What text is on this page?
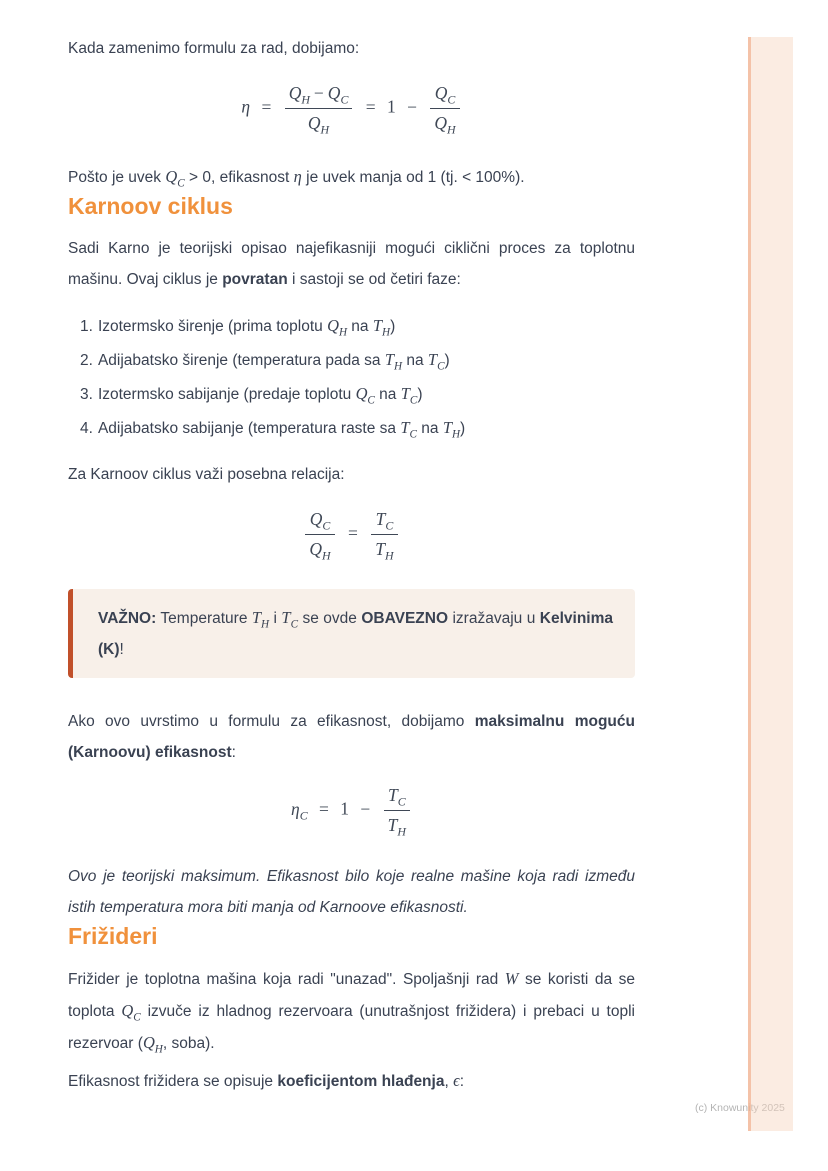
Kada zamenimo formulu za rad, dobijamo:

$\eta = \frac{Q_H - Q_C}{Q_H} = 1 - \frac{Q_C}{Q_H}$

Pošto je uvek $Q_C > 0$, efikasnost η je uvek manja od 1 (tj. < 100%).

Karnoov ciklus

Sadi Karno je teorijski opisao najefikasniji mogući ciklični proces za toplotnu mašinu. Ovaj ciklus je povratan i sastoji se od četiri faze:

1. Izotermsko širenje (prima toplotu $Q_H$ na $T_H$)
2. Adijabatsko širenje (temperatura pada sa $T_H$ na $T_C$)
3. Izotermsko sabijanje (predaje toplotu $Q_C$ na $T_C$)
4. Adijabatsko sabijanje (temperatura raste sa $T_C$ na $T_H$)

Za Karnoov ciklus važi posebna relacija:

$\frac{Q_C}{Q_H} = \frac{T_C}{T_H}$

VAŽNO: Temperature $T_H$ i $T_C$ se ovde OBAVEZNO izražavaju u Kelvinima (K)!

Ako ovo uvrstimo u formulu za efikasnost, dobijamo maksimalnu moguću (Karnoovu) efikasnost:

$\eta_C = 1 - \frac{T_C}{T_H}$

Ovo je teorijski maksimum. Efikasnost bilo koje realne mašine koja radi između istih temperatura mora biti manja od Karnoove efikasnosti.

Frižideri

Frižider je toplotna mašina koja radi "unazad". Spoljašnji rad W se koristi da se toplota $Q_C$ izvuče iz hladnog rezervoara (unutrašnjost frižidera) i prebaci u topli rezervoar ($Q_H$, soba).

Efikasnost frižidera se opisuje koeficijentom hlađenja, ϵ:

(c) Knowunity 2025
